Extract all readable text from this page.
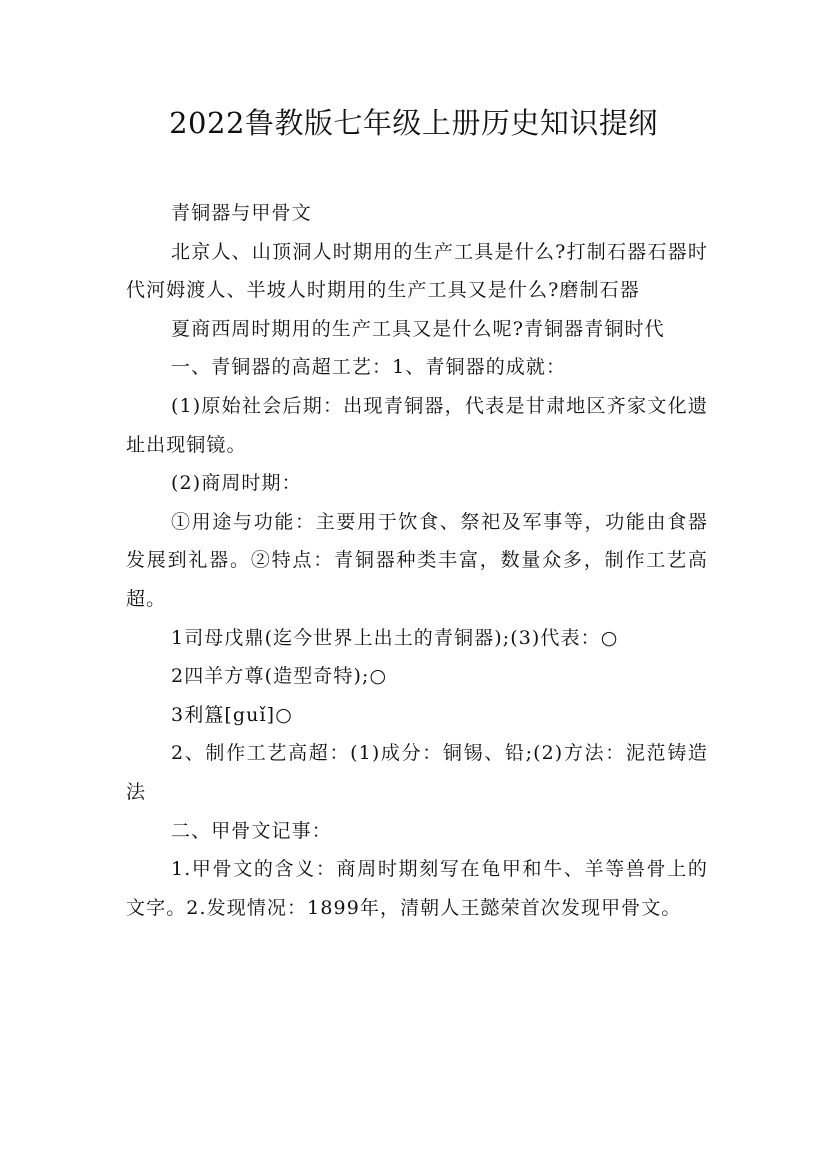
2022鲁教版七年级上册历史知识提纲

青铜器与甲骨文

北京人、山顶洞人时期用的生产工具是什么?打制石器石器时代河姆渡人、半坡人时期用的生产工具又是什么?磨制石器

夏商西周时期用的生产工具又是什么呢?青铜器青铜时代

一、青铜器的高超工艺：1、青铜器的成就：

(1)原始社会后期：出现青铜器，代表是甘肃地区齐家文化遗址出现铜镜。

(2)商周时期：

①用途与功能：主要用于饮食、祭祀及军事等，功能由食器发展到礼器。②特点：青铜器种类丰富，数量众多，制作工艺高超。

1司母戊鼎(迄今世界上出土的青铜器);(3)代表：○

2四羊方尊(造型奇特);○

3利簋[guǐ]○

2、制作工艺高超：(1)成分：铜锡、铅;(2)方法：泥范铸造法

二、甲骨文记事：

1.甲骨文的含义：商周时期刻写在龟甲和牛、羊等兽骨上的文字。2.发现情况：1899年，清朝人王懿荣首次发现甲骨文。
